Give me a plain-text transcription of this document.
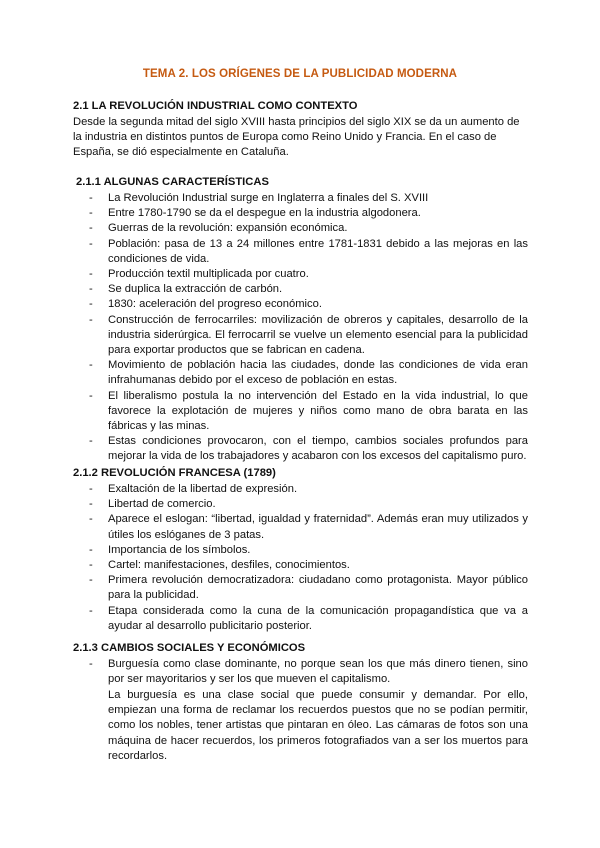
TEMA 2. LOS ORÍGENES DE LA PUBLICIDAD MODERNA
2.1 LA REVOLUCIÓN INDUSTRIAL COMO CONTEXTO
Desde la segunda mitad del siglo XVIII hasta principios del siglo XIX se da un aumento de la industria en distintos puntos de Europa como Reino Unido y Francia. En el caso de España, se dió especialmente en Cataluña.
2.1.1 ALGUNAS CARACTERÍSTICAS
- La Revolución Industrial surge en Inglaterra a finales del S. XVIII
- Entre 1780-1790 se da el despegue en la industria algodonera.
- Guerras de la revolución: expansión económica.
- Población: pasa de 13 a 24 millones entre 1781-1831 debido a las mejoras en las condiciones de vida.
- Producción textil multiplicada por cuatro.
- Se duplica la extracción de carbón.
- 1830: aceleración del progreso económico.
- Construcción de ferrocarriles: movilización de obreros y capitales, desarrollo de la industria siderúrgica. El ferrocarril se vuelve un elemento esencial para la publicidad para exportar productos que se fabrican en cadena.
- Movimiento de población hacia las ciudades, donde las condiciones de vida eran infrahumanas debido por el exceso de población en estas.
- El liberalismo postula la no intervención del Estado en la vida industrial, lo que favorece la explotación de mujeres y niños como mano de obra barata en las fábricas y las minas.
- Estas condiciones provocaron, con el tiempo, cambios sociales profundos para mejorar la vida de los trabajadores y acabaron con los excesos del capitalismo puro.
2.1.2 REVOLUCIÓN FRANCESA (1789)
- Exaltación de la libertad de expresión.
- Libertad de comercio.
- Aparece el eslogan: “libertad, igualdad y fraternidad”. Además eran muy utilizados y útiles los eslóganes de 3 patas.
- Importancia de los símbolos.
- Cartel: manifestaciones, desfiles, conocimientos.
- Primera revolución democratizadora: ciudadano como protagonista. Mayor público para la publicidad.
- Etapa considerada como la cuna de la comunicación propagandística que va a ayudar al desarrollo publicitario posterior.
2.1.3 CAMBIOS SOCIALES Y ECONÓMICOS
- Burguesía como clase dominante, no porque sean los que más dinero tienen, sino por ser mayoritarios y ser los que mueven el capitalismo.
La burguesía es una clase social que puede consumir y demandar. Por ello, empiezan una forma de reclamar los recuerdos puestos que no se podían permitir, como los nobles, tener artistas que pintaran en óleo. Las cámaras de fotos son una máquina de hacer recuerdos, los primeros fotografiados van a ser los muertos para recordarlos.
